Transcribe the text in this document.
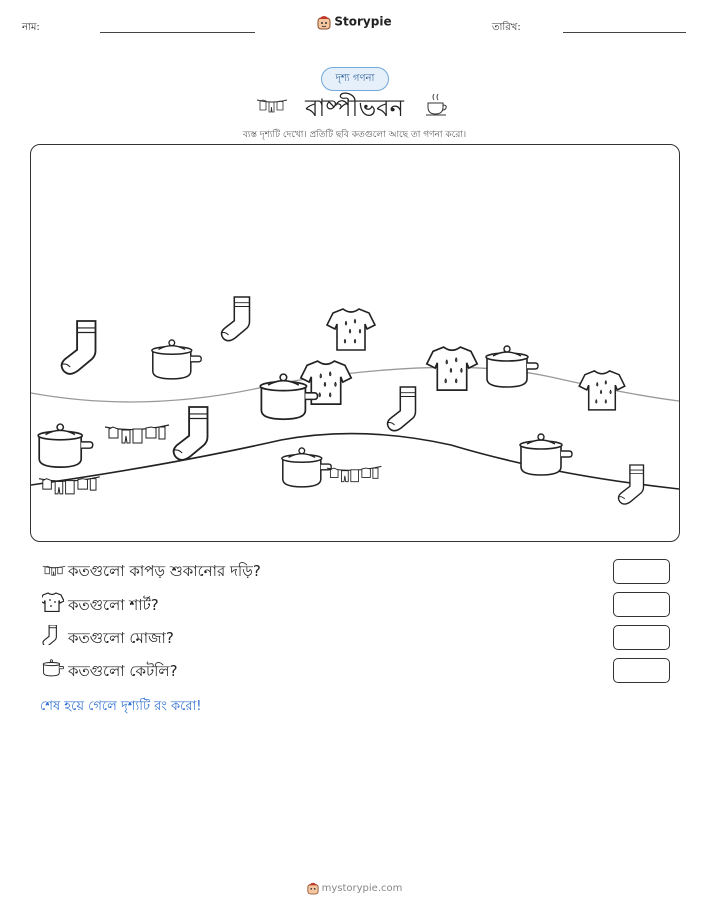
নাম:	Storypie	তারিখ:
দৃশ্য গণনা
বাষ্পীভবন
ব্যস্ত দৃশ্যটি দেখো। প্রতিটি ছবি কতগুলো আছে তা গণনা করো।
কতগুলো কাপড় শুকানোর দড়ি?
কতগুলো শার্ট?
কতগুলো মোজা?
কতগুলো কেটলি?
শেষ হয়ে গেলে দৃশ্যটি রং করো!
mystorypie.com
